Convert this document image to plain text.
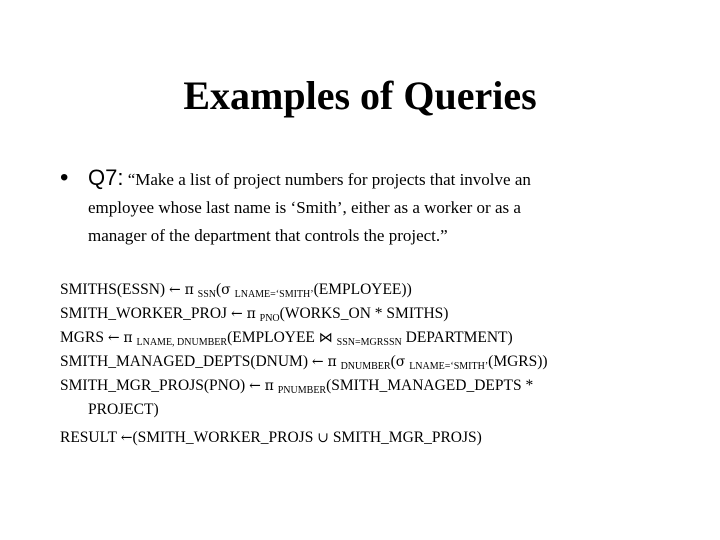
Examples of Queries
• Q7: “Make a list of project numbers for projects that involve an
employee whose last name is ‘Smith’, either as a worker or as a
manager of the department that controls the project.”
SMITHS(ESSN) ← π $_{SSN}$(σ $_{LNAME=‘SMITH’}$(EMPLOYEE))
SMITH_WORKER_PROJ ← π $_{PNO}$(WORKS_ON * SMITHS)
MGRS ← π $_{LNAME, DNUMBER}$(EMPLOYEE ⋈ $_{SSN=MGRSSN}$ DEPARTMENT)
SMITH_MANAGED_DEPTS(DNUM) ← π $_{DNUMBER}$(σ $_{LNAME=‘SMITH’}$(MGRS))
SMITH_MGR_PROJS(PNO) ← π $_{PNUMBER}$(SMITH_MANAGED_DEPTS *
PROJECT)
RESULT ←(SMITH_WORKER_PROJS ∪ SMITH_MGR_PROJS)
